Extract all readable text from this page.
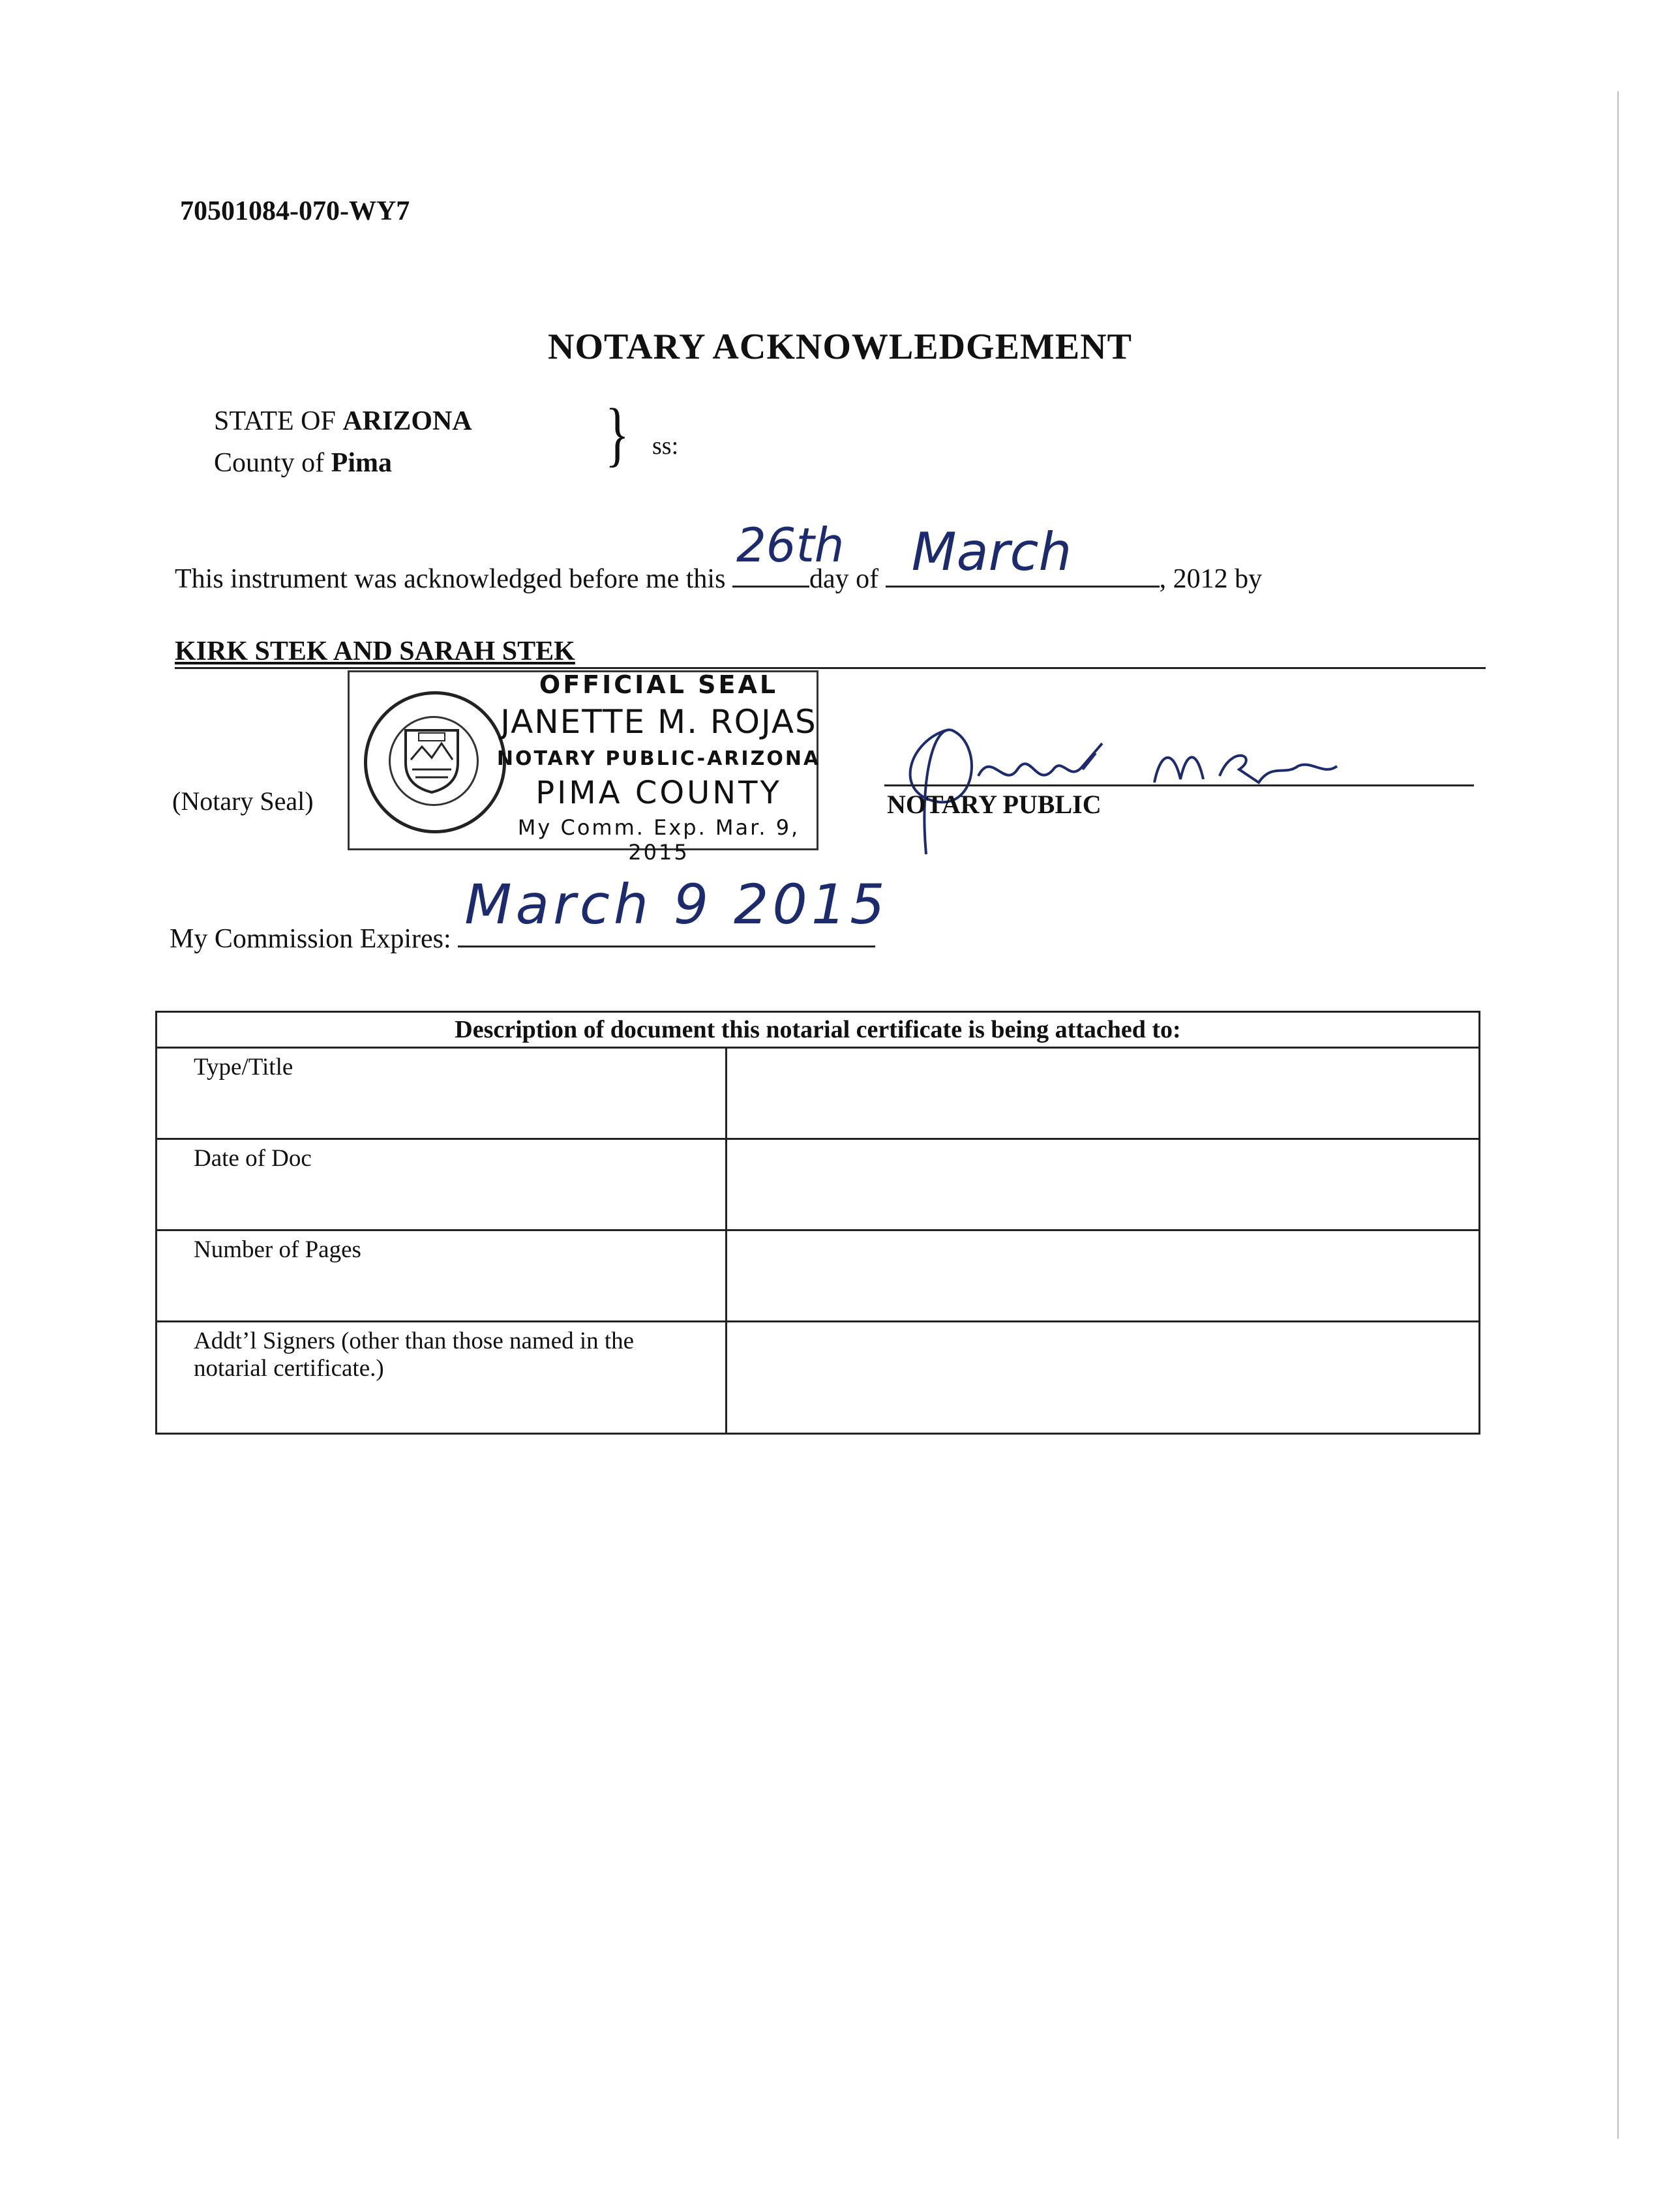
70501084-070-WY7
NOTARY ACKNOWLEDGEMENT
STATE OF ARIZONA
County of Pima	} ss:
This instrument was acknowledged before me this
26th
day of March	, 2012 by
KIRK STEK AND SARAH STEK
(Notary Seal)
OFFICIAL SEAL
JANETTE M. ROJAS
NOTARY PUBLIC-ARIZONA
PIMA COUNTY
My Comm. Exp. Mar. 9, 2015
NOTARY PUBLIC
My Commission Expires:
March 9 2015
Description of document this notarial certificate is being attached to:	
Type/Title	
Date of Doc	
Number of Pages	
Addt’l Signers (other than those named in the notarial certificate.)	
